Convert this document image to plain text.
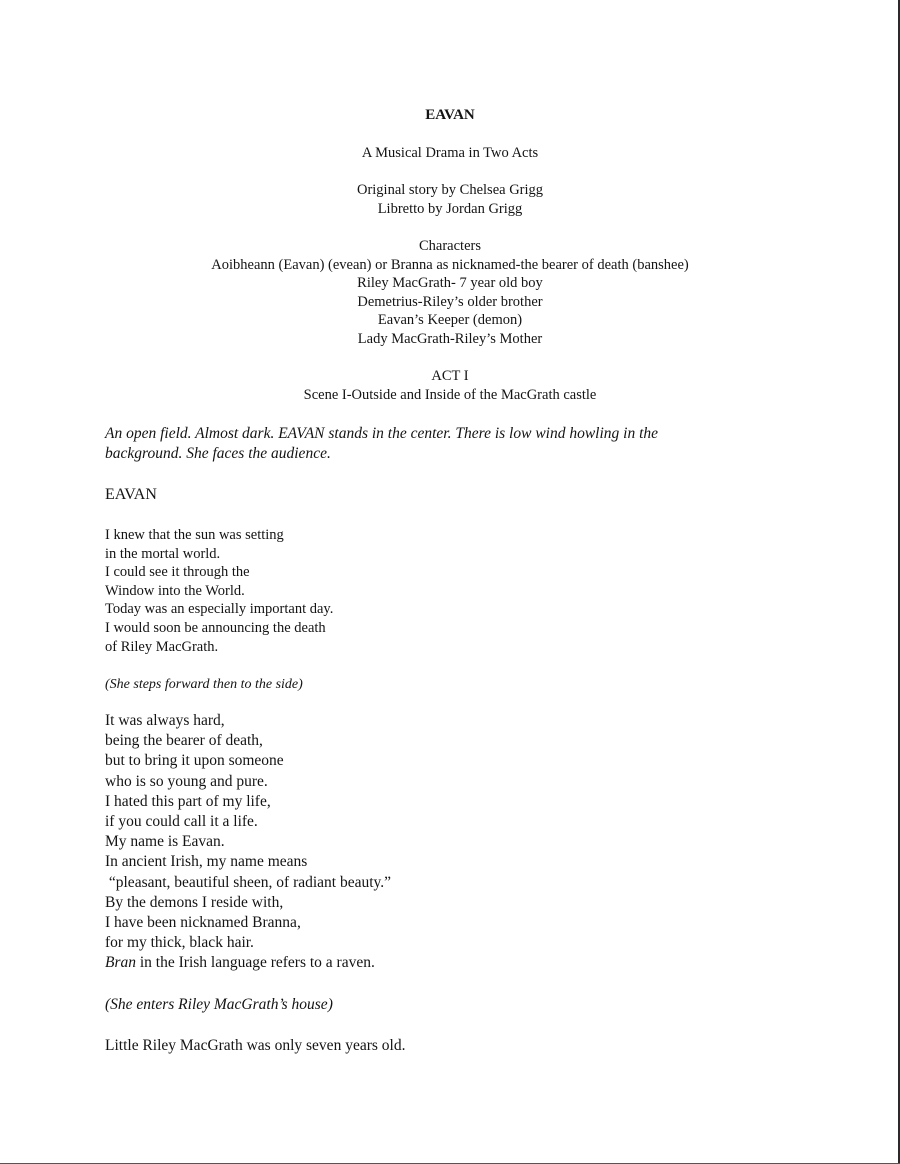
EAVAN
A Musical Drama in Two Acts
Original story by Chelsea Grigg
Libretto by Jordan Grigg
Characters
Aoibheann (Eavan) (evean) or Branna as nicknamed-the bearer of death (banshee)
Riley MacGrath- 7 year old boy
Demetrius-Riley’s older brother
Eavan’s Keeper (demon)
Lady MacGrath-Riley’s Mother
ACT I
Scene I-Outside and Inside of the MacGrath castle
An open field. Almost dark. EAVAN stands in the center. There is low wind howling in the
background. She faces the audience.
EAVAN
I knew that the sun was setting
in the mortal world.
I could see it through the
Window into the World.
Today was an especially important day.
I would soon be announcing the death
of Riley MacGrath.
(She steps forward then to the side)
It was always hard,
being the bearer of death,
but to bring it upon someone
who is so young and pure.
I hated this part of my life,
if you could call it a life.
My name is Eavan.
In ancient Irish, my name means
“pleasant, beautiful sheen, of radiant beauty.”
By the demons I reside with,
I have been nicknamed Branna,
for my thick, black hair.
Bran in the Irish language refers to a raven.
(She enters Riley MacGrath’s house)
Little Riley MacGrath was only seven years old.
